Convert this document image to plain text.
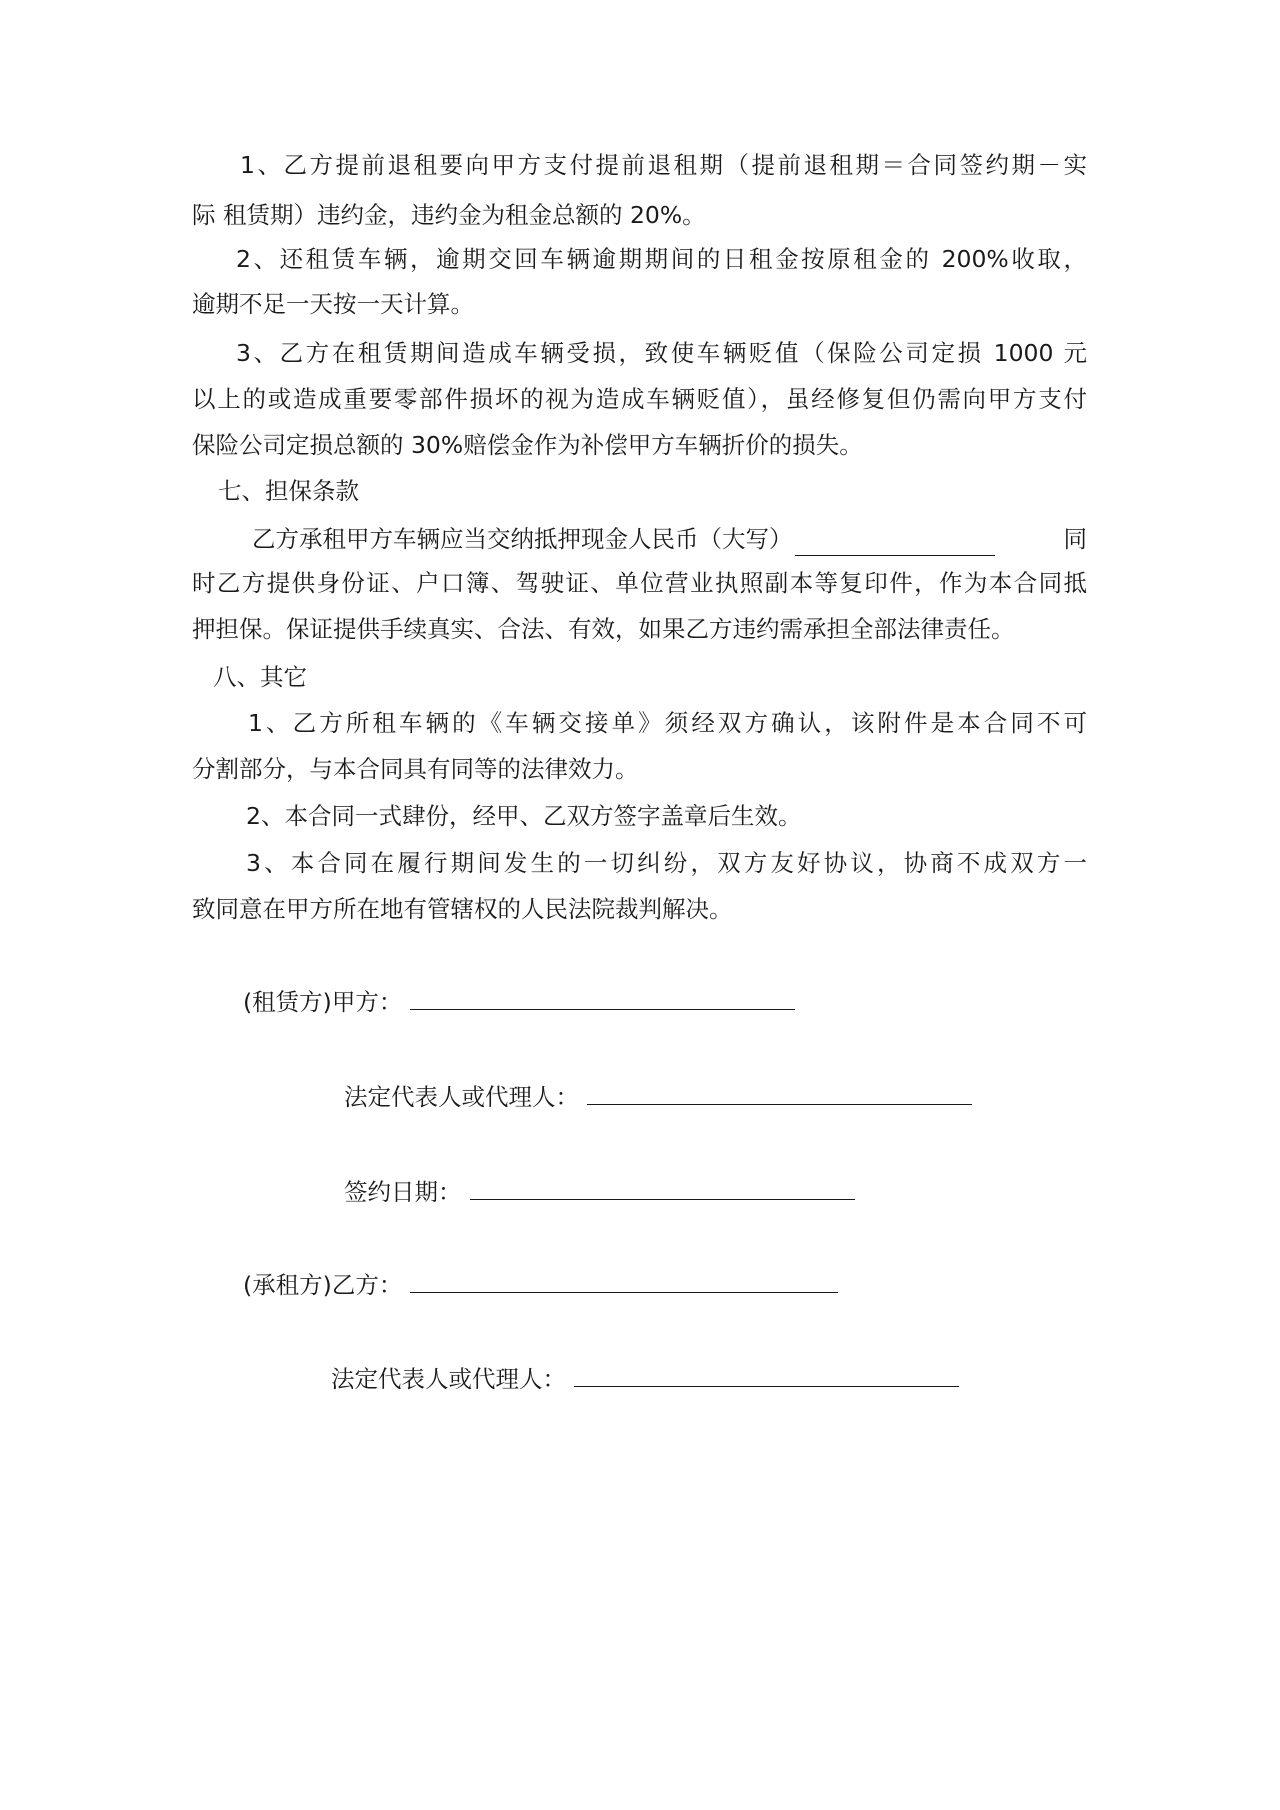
1、乙方提前退租要向甲方支付提前退租期（提前退租期＝合同签约期－实
际 租赁期）违约金，违约金为租金总额的 20%。
2、还租赁车辆，逾期交回车辆逾期期间的日租金按原租金的 200%收取，
逾期不足一天按一天计算。
3、乙方在租赁期间造成车辆受损，致使车辆贬值（保险公司定损 1000 元
以上的或造成重要零部件损坏的视为造成车辆贬值），虽经修复但仍需向甲方支付
保险公司定损总额的 30%赔偿金作为补偿甲方车辆折价的损失。
七、担保条款
乙方承租甲方车辆应当交纳抵押现金人民币（大写）	同
时乙方提供身份证、户口簿、驾驶证、单位营业执照副本等复印件，作为本合同抵
押担保。保证提供手续真实、合法、有效，如果乙方违约需承担全部法律责任。
八、其它
1、乙方所租车辆的《车辆交接单》须经双方确认，该附件是本合同不可
分割部分，与本合同具有同等的法律效力。
2、本合同一式肆份，经甲、乙双方签字盖章后生效。
3、本合同在履行期间发生的一切纠纷，双方友好协议，协商不成双方一
致同意在甲方所在地有管辖权的人民法院裁判解决。
(租赁方)甲方：
法定代表人或代理人：
签约日期：
(承租方)乙方：
法定代表人或代理人：
